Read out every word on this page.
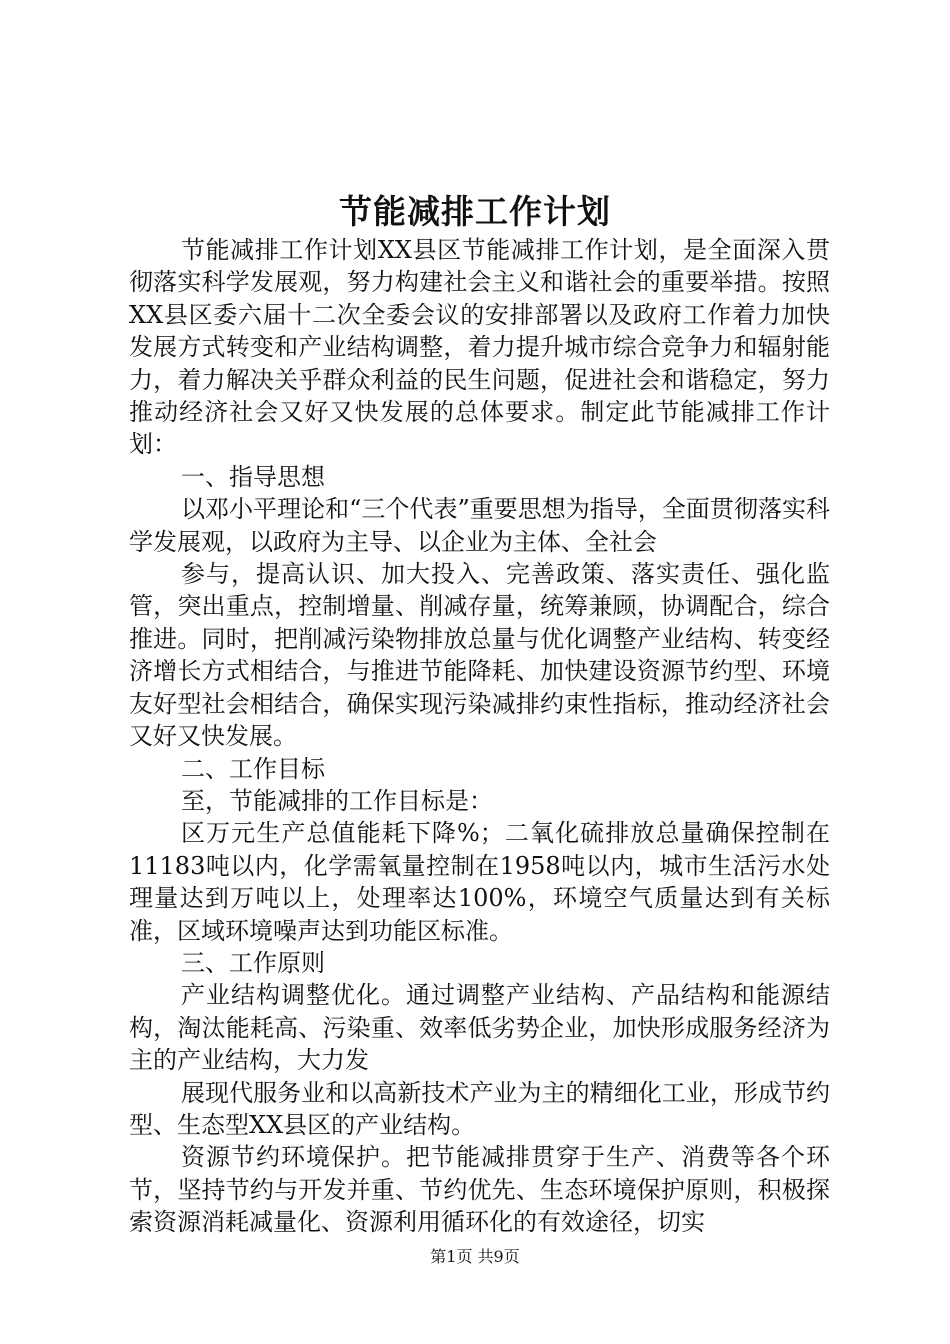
节能减排工作计划

节能减排工作计划XX县区节能减排工作计划，是全面深入贯彻落实科学发展观，努力构建社会主义和谐社会的重要举措。按照XX县区委六届十二次全委会议的安排部署以及政府工作着力加快发展方式转变和产业结构调整，着力提升城市综合竞争力和辐射能力，着力解决关乎群众利益的民生问题，促进社会和谐稳定，努力推动经济社会又好又快发展的总体要求。制定此节能减排工作计划：

一、指导思想

以邓小平理论和“三个代表”重要思想为指导，全面贯彻落实科学发展观，以政府为主导、以企业为主体、全社会

参与，提高认识、加大投入、完善政策、落实责任、强化监管，突出重点，控制增量、削减存量，统筹兼顾，协调配合，综合推进。同时，把削减污染物排放总量与优化调整产业结构、转变经济增长方式相结合，与推进节能降耗、加快建设资源节约型、环境友好型社会相结合，确保实现污染减排约束性指标，推动经济社会又好又快发展。

二、工作目标

至，节能减排的工作目标是：

区万元生产总值能耗下降%；二氧化硫排放总量确保控制在11183吨以内，化学需氧量控制在1958吨以内，城市生活污水处理量达到万吨以上，处理率达100%，环境空气质量达到有关标准，区域环境噪声达到功能区标准。

三、工作原则

产业结构调整优化。通过调整产业结构、产品结构和能源结构，淘汰能耗高、污染重、效率低劣势企业，加快形成服务经济为主的产业结构，大力发

展现代服务业和以高新技术产业为主的精细化工业，形成节约型、生态型XX县区的产业结构。

资源节约环境保护。把节能减排贯穿于生产、消费等各个环节，坚持节约与开发并重、节约优先、生态环境保护原则，积极探索资源消耗减量化、资源利用循环化的有效途径，切实

第1页 共9页
